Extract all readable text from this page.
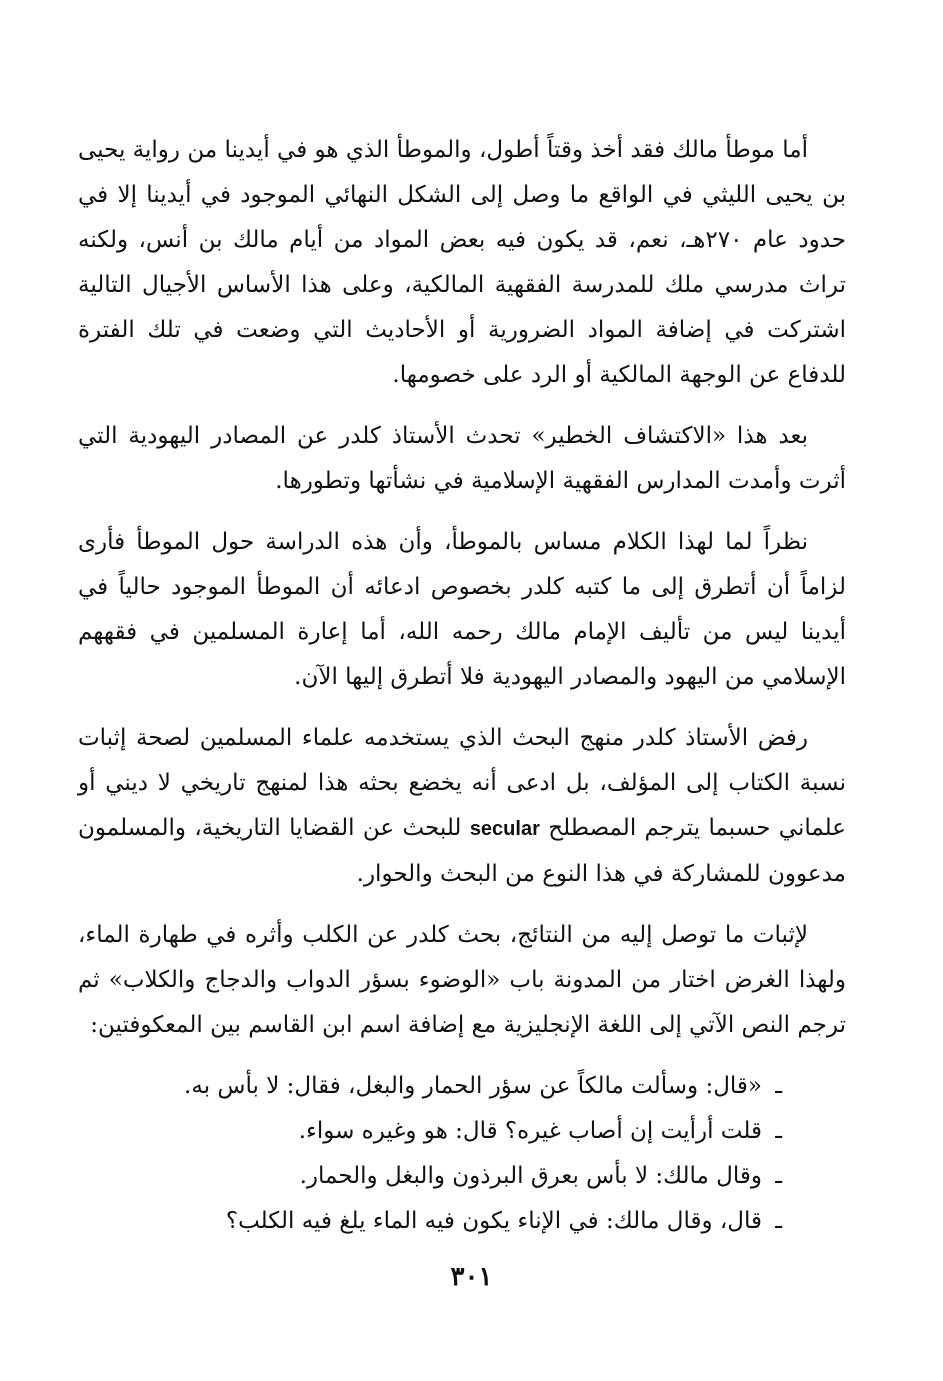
أما موطأ مالك فقد أخذ وقتاً أطول، والموطأ الذي هو في أيدينا من رواية يحيى بن يحيى الليثي في الواقع ما وصل إلى الشكل النهائي الموجود في أيدينا إلا في حدود عام ٢٧٠هـ، نعم، قد يكون فيه بعض المواد من أيام مالك بن أنس، ولكنه تراث مدرسي ملك للمدرسة الفقهية المالكية، وعلى هذا الأساس الأجيال التالية اشتركت في إضافة المواد الضرورية أو الأحاديث التي وضعت في تلك الفترة للدفاع عن الوجهة المالكية أو الرد على خصومها.

بعد هذا «الاكتشاف الخطير» تحدث الأستاذ كلدر عن المصادر اليهودية التي أثرت وأمدت المدارس الفقهية الإسلامية في نشأتها وتطورها.

نظراً لما لهذا الكلام مساس بالموطأ، وأن هذه الدراسة حول الموطأ فأرى لزاماً أن أتطرق إلى ما كتبه كلدر بخصوص ادعائه أن الموطأ الموجود حالياً في أيدينا ليس من تأليف الإمام مالك رحمه الله، أما إعارة المسلمين في فقههم الإسلامي من اليهود والمصادر اليهودية فلا أتطرق إليها الآن.

رفض الأستاذ كلدر منهج البحث الذي يستخدمه علماء المسلمين لصحة إثبات نسبة الكتاب إلى المؤلف، بل ادعى أنه يخضع بحثه هذا لمنهج تاريخي لا ديني أو علماني حسبما يترجم المصطلح secular للبحث عن القضايا التاريخية، والمسلمون مدعوون للمشاركة في هذا النوع من البحث والحوار.

لإثبات ما توصل إليه من النتائج، بحث كلدر عن الكلب وأثره في طهارة الماء، ولهذا الغرض اختار من المدونة باب «الوضوء بسؤر الدواب والدجاج والكلاب» ثم ترجم النص الآتي إلى اللغة الإنجليزية مع إضافة اسم ابن القاسم بين المعكوفتين:

ـ«قال: وسألت مالكاً عن سؤر الحمار والبغل، فقال: لا بأس به.
ـقلت أرأيت إن أصاب غيره؟ قال: هو وغيره سواء.
ـوقال مالك: لا بأس بعرق البرذون والبغل والحمار.
ـقال، وقال مالك: في الإناء يكون فيه الماء يلغ فيه الكلب؟
٣٠١
